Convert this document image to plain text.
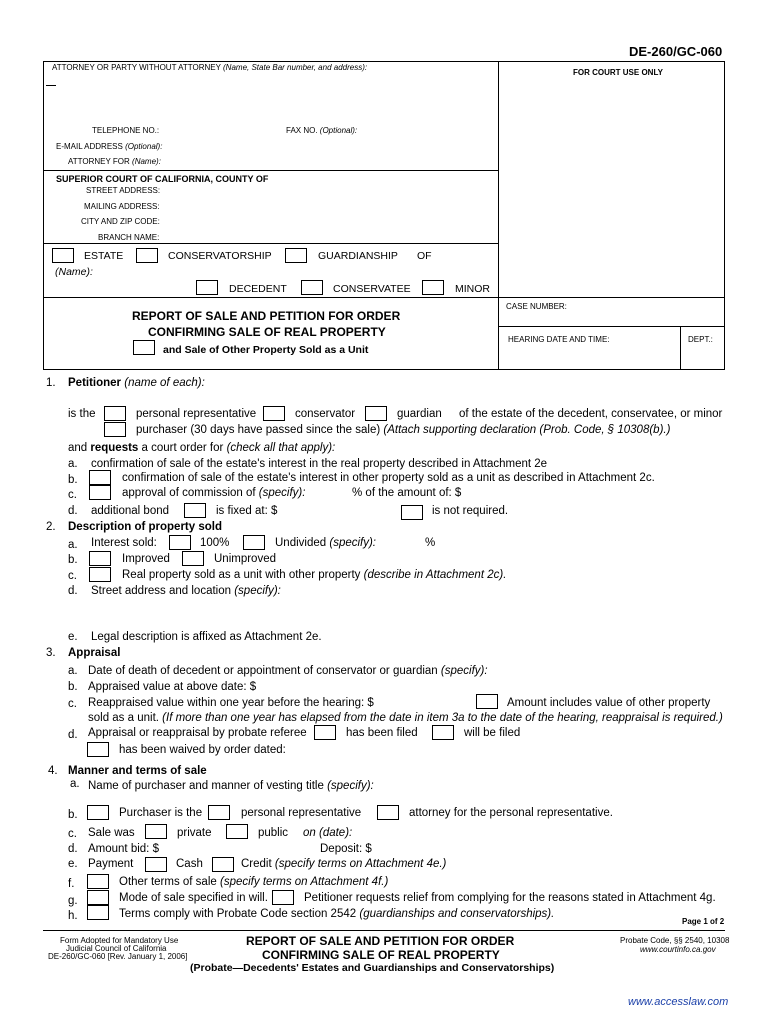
DE-260/GC-060
ATTORNEY OR PARTY WITHOUT ATTORNEY (Name, State Bar number, and address):
FOR COURT USE ONLY
TELEPHONE NO.:	FAX NO. (Optional):
E-MAIL ADDRESS (Optional):
ATTORNEY FOR (Name):
SUPERIOR COURT OF CALIFORNIA, COUNTY OF
STREET ADDRESS:
MAILING ADDRESS:
CITY AND ZIP CODE:
BRANCH NAME:
ESTATE	CONSERVATORSHIP	GUARDIANSHIP OF
(Name):
DECEDENT	CONSERVATEE	MINOR
REPORT OF SALE AND PETITION FOR ORDER
CONFIRMING SALE OF REAL PROPERTY
and Sale of Other Property Sold as a Unit
CASE NUMBER:
HEARING DATE AND TIME:	DEPT.:
1. Petitioner (name of each):
is the	personal representative	conservator	guardian of the estate of the decedent, conservatee, or minor
purchaser (30 days have passed since the sale) (Attach supporting declaration (Prob. Code, § 10308(b).)
and requests a court order for (check all that apply):
a. confirmation of sale of the estate's interest in the real property described in Attachment 2e
b.	confirmation of sale of the estate's interest in other property sold as a unit as described in Attachment 2c.
c.	approval of commission of (specify):	% of the amount of: $
d. additional bond	is fixed at: $	is not required.
2. Description of property sold
a. Interest sold:	100%	Undivided (specify):	%
b.	Improved	Unimproved
c.	Real property sold as a unit with other property (describe in Attachment 2c).
d. Street address and location (specify):
e. Legal description is affixed as Attachment 2e.
3. Appraisal
a. Date of death of decedent or appointment of conservator or guardian (specify):
b. Appraised value at above date: $
c. Reappraised value within one year before the hearing: $	Amount includes value of other property
sold as a unit. (If more than one year has elapsed from the date in item 3a to the date of the hearing, reappraisal is required.)
d. Appraisal or reappraisal by probate referee	has been filed	will be filed
has been waived by order dated:
4. Manner and terms of sale
a. Name of purchaser and manner of vesting title (specify):
b.	Purchaser is the	personal representative	attorney for the personal representative.
c. Sale was	private	public on (date):
d. Amount bid: $	Deposit: $
e. Payment	Cash	Credit (specify terms on Attachment 4e.)
f.	Other terms of sale (specify terms on Attachment 4f.)
g.	Mode of sale specified in will.	Petitioner requests relief from complying for the reasons stated in Attachment 4g.
h.	Terms comply with Probate Code section 2542 (guardianships and conservatorships).
Page 1 of 2
Form Adopted for Mandatory Use
Judicial Council of California
DE-260/GC-060 [Rev. January 1, 2006]
REPORT OF SALE AND PETITION FOR ORDER
CONFIRMING SALE OF REAL PROPERTY
(Probate—Decedents' Estates and Guardianships and Conservatorships)
Probate Code, §§ 2540, 10308
www.courtinfo.ca.gov
www.accesslaw.com
